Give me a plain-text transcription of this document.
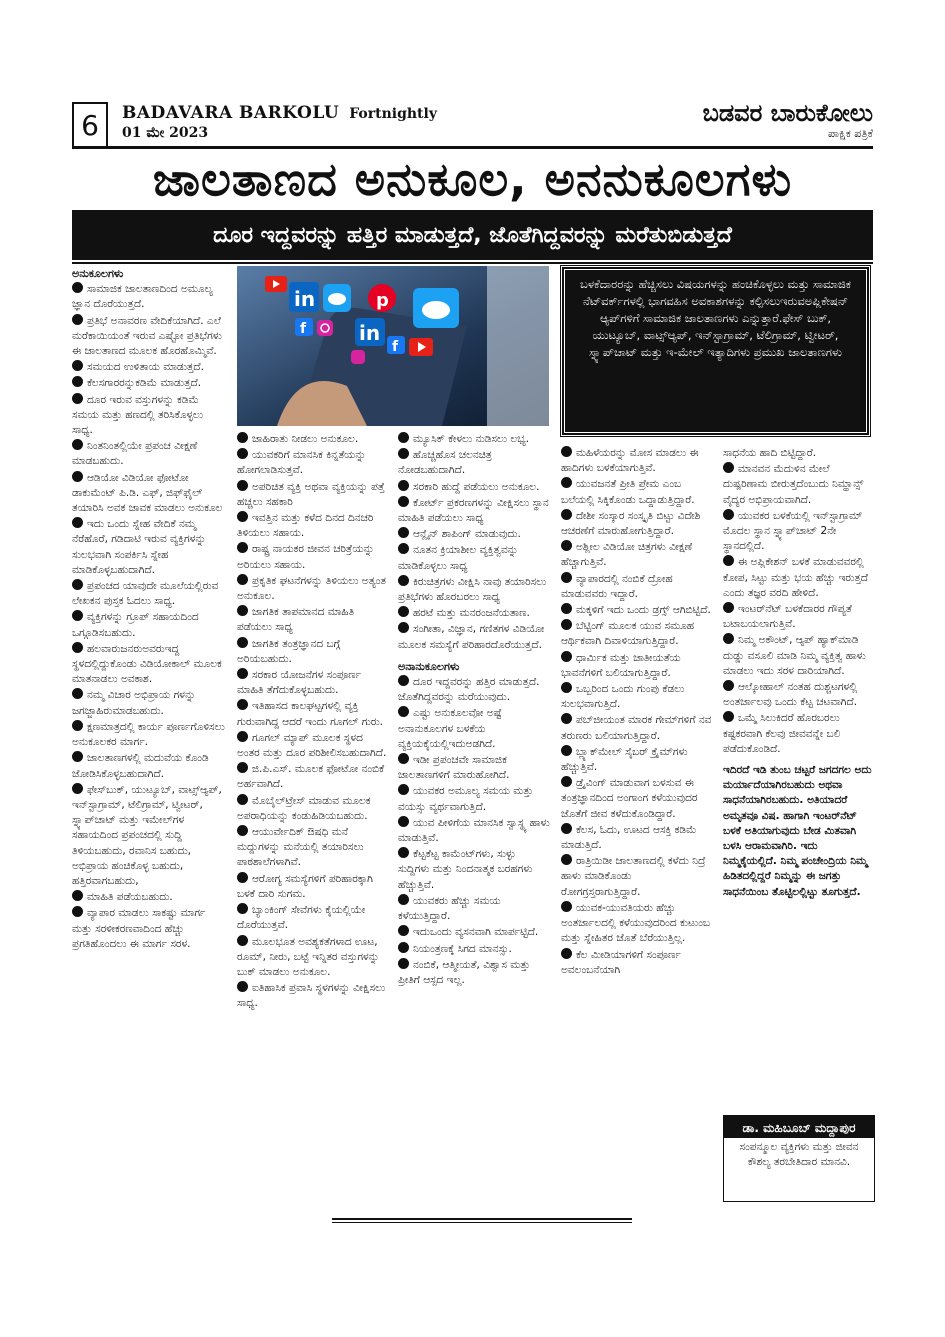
6	BADAVARA BARKOLU Fortnightly
01 ಮೇ 2023
ಬಡವರ ಬಾರುಕೋಲು
ಪಾಕ್ಷಿಕ ಪತ್ರಿಕೆ
ಜಾಲತಾಣದ ಅನುಕೂಲ, ಅನನುಕೂಲಗಳು
ದೂರ ಇದ್ದವರನ್ನು ಹತ್ತಿರ ಮಾಡುತ್ತದೆ, ಜೊತೆಗಿದ್ದವರನ್ನು ಮರೆತುಬಿಡುತ್ತದೆ
in	p
f	in
f
ಬಳಕೆದಾರರನ್ನು ಹೆಚ್ಚಿಸಲು ವಿಷಯಗಳನ್ನು ಹಂಚಿಕೊಳ್ಳಲು ಮತ್ತು ಸಾಮಾಜಿಕ ನೆಟ್‌ವರ್ಕ್‌ಗಳಲ್ಲಿ ಭಾಗವಹಿಸ ಅವಕಾಶಗಳನ್ನು ಕಲ್ಪಿಸಲುಇರುವಅಪ್ಲಿಕೇಷನ್ ಆ್ಯಪ್‌ಗಳಿಗೆ ಸಾಮಾಜಿಕ ಜಾಲತಾಣಗಳು ಎನ್ನುತ್ತಾರೆ.ಫೇಸ್ ಬುಕ್, ಯುಟ್ಯೂಬ್, ವಾಟ್ಸ್‌ಆ್ಯಪ್, ಇನ್‌ಸ್ಟಾಗ್ರಾಮ್, ಟೆಲಿಗ್ರಾಮ್, ಟ್ವೀಟರ್, ಸ್ನ್ಯಾಪ್‌ಚಾಟ್ ಮತ್ತು ಇ-ಮೇಲ್ ಇತ್ಯಾದಿಗಳು ಪ್ರಮುಖ ಜಾಲತಾಣಗಳು

ಅನುಕೂಲಗಳು

ಸಾಮಾಜಿಕ ಜಾಲತಾಣದಿಂದ ಅಮೂಲ್ಯ ಜ್ಞಾನ ದೊರೆಯುತ್ತದೆ.

ಪ್ರತಿಭೆ ಅನಾವರಣ ವೇದಿಕೆಯಾಗಿದೆ. ಎಲೆ ಮರೆಕಾಯಿಯಂತೆ ಇರುವ ಎಷ್ಟೋ ಪ್ರತಿಭೆಗಳು ಈ ಜಾಲತಾಣದ ಮೂಲಕ ಹೊರಹೊಮ್ಮಿವೆ.

ಸಮಯದ ಉಳಿತಾಯ ಮಾಡುತ್ತದೆ.

ಕೆಲಸಗಾರರನ್ನುಕಡಿಮೆ ಮಾಡುತ್ತದೆ.

ದೂರ ಇರುವ ವಸ್ತುಗಳನ್ನು ಕಡಿಮೆ ಸಮಯ ಮತ್ತು ಹಣದಲ್ಲಿ ತರಿಸಿಕೊಳ್ಳಲು ಸಾಧ್ಯ.

ನಿಂತನಿಂತಲ್ಲಿಯೇ ಪ್ರಪಂಚ ವೀಕ್ಷಣೆ ಮಾಡಬಹುದು.

ಆಡಿಯೋ ವಿಡಿಯೋ ಫೋಟೋ ಡಾಕುಮೆಂಟ್ ಪಿ.ಡಿ. ಎಫ್, ಜಿಫ್‌ಫೈಲ್ ತಯಾರಿಸಿ ಅವಕ ಜಾವಕ ಮಾಡಲು ಅನುಕೂಲ

ಇದು ಒಂದು ಸ್ನೇಹ ವೇದಿಕೆ ನಮ್ಮ ನೆರೆಹೊರೆ, ಗಡಿದಾಟಿ ಇರುವ ವ್ಯಕ್ತಿಗಳನ್ನು ಸುಲಭವಾಗಿ ಸಂಪರ್ಕಿಸಿ ಸ್ನೇಹ ಮಾಡಿಕೊಳ್ಳಬಹುದಾಗಿದೆ.

ಪ್ರಪಂಚದ ಯಾವುದೇ ಮೂಲೆಯಲ್ಲಿರುವ ಲೇಖಕನ ಪುಸ್ತಕ ಓದಲು ಸಾಧ್ಯ.

ವ್ಯಕ್ತಿಗಳನ್ನು ಗ್ರೂಪ್ ಸಹಾಯದಿಂದ ಒಗ್ಗೂಡಿಸಬಹುದು.

ಹಲವಾರುಜನರುಅವರುಇದ್ದ ಸ್ಥಳದಲ್ಲಿದ್ದುಕೊಂಡು ವಿಡಿಯೋಕಾಲ್ ಮೂಲಕ ಮಾತನಾಡಲು ಅವಕಾಶ.

ನಮ್ಮ ವಿಚಾರ ಅಭಿಪ್ರಾಯ ಗಳನ್ನು ಜಗಜ್ಜಾಹಿರುಮಾಡಬಹುದು.

ಕ್ಷಣಮಾತ್ರದಲ್ಲಿ ಕಾರ್ಯ ಪೂರ್ಣಗೊಳಿಸಲು ಅನುಕೂಲಕರ ಮಾರ್ಗ.

ಜಾಲತಾಣಗಳಲ್ಲಿ ಮದುವೆಯ ಕೊಂಡಿ ಜೋಡಿಸಿಕೊಳ್ಳಬಹುದಾಗಿದೆ.

ಫೇಸ್‌ಬುಕ್, ಯುಟ್ಯೂಬ್, ವಾಟ್ಸ್‌ಆ್ಯಪ್, ಇನ್‌ಸ್ಟಾಗ್ರಾಮ್, ಟೆಲಿಗ್ರಾಮ್, ಟ್ವೀಟರ್, ಸ್ನ್ಯಾಪ್‌ಚಾಟ್ ಮತ್ತು ಇಮೇಲ್‌ಗಳ ಸಹಾಯದಿಂದ ಪ್ರಪಂಚದಲ್ಲಿ ಸುದ್ದಿ ತಿಳಿಯಬಹುದು, ರವಾನಿಸ ಬಹುದು, ಅಭಿಪ್ರಾಯ ಹಂಚಿಕೊಳ್ಳ ಬಹುದು, ಹತ್ತಿರವಾಗಬಹುದು,

ಮಾಹಿತಿ ಪಡೆಯಬಹುದು.

ವ್ಯಾಪಾರ ಮಾಡಲು ಸಾಕಷ್ಟು ಮಾರ್ಗ ಮತ್ತು ಸರಳೀಕರಣವಾದಿಂದ ಹೆಚ್ಚು ಪ್ರಗತಿಹೊಂದಲು ಈ ಮಾರ್ಗ ಸರಳ.

ಜಾಹಿರಾತು ನೀಡಲು ಅನುಕೂಲ.

ಯುವಕರಿಗೆ ಮಾನಸಿಕ ಕಿನ್ನತೆಯನ್ನು ಹೋಗಲಾಡಿಸುತ್ತವೆ.

ಅಪರಿಚಿತ ವ್ಯಕ್ತಿ ಅಥವಾ ವ್ಯಕ್ತಿಯನ್ನು ಪತ್ತೆ ಹಚ್ಚಲು ಸಹಕಾರಿ

ಇವತ್ತಿನ ಮತ್ತು ಕಳೆದ ದಿನದ ದಿನಚರಿ ತಿಳಿಯಲು ಸಹಾಯ.

ರಾಷ್ಟ್ರ ನಾಯಕರ ಜೀವನ ಚರಿತ್ರೆಯನ್ನು ಅರಿಯಲು ಸಹಾಯ.

ಪ್ರಕೃತಿಕ ಘಟನೆಗಳನ್ನು ತಿಳಿಯಲು ಅತ್ಯಂತ ಅನುಕೂಲ.

ಜಾಗತಿಕ ತಾಪಮಾನದ ಮಾಹಿತಿ ಪಡೆಯಲು ಸಾಧ್ಯ

ಜಾಗತಿಕ ತಂತ್ರಜ್ಞಾನದ ಬಗ್ಗೆ ಅರಿಯಬಹುದು.

ಸರಕಾರ ಯೋಜನೆಗಳ ಸಂಪೂರ್ಣ ಮಾಹಿತಿ ತೆಗೆದುಕೊಳ್ಳಬಹುದು.

ಇತಿಹಾಸದ ಕಾಲಘಟ್ಟಗಳಲ್ಲಿ ವ್ಯಕ್ತಿ ಗುರುವಾಗಿದ್ದ ಆದರೆ ಇಂದು ಗೂಗಲ್ ಗುರು.

ಗೂಗಲ್ ಮ್ಯಾಪ್ ಮೂಲಕ ಸ್ಥಳದ ಅಂತರ ಮತ್ತು ದೂರ ಪರಿಶೀಲಿಸಬಹುದಾಗಿದೆ.

ಜಿ.ಪಿ.ಎಸ್. ಮೂಲಕ ಫೋಟೋ ನಂಬಿಕೆ ಅರ್ಹವಾಗಿದೆ.

ಮೊಬೈಲ್‌ಟ್ರೇಸ್ ಮಾಡುವ ಮೂಲಕ ಅಪರಾಧಿಯನ್ನು ಕಂಡುಹಿಡಿಯಬಹುದು.

ಆಯುರ್ವೇದಿಕ್ ಔಷಧಿ ಮನೆ ಮದ್ದುಗಳನ್ನು ಮನೆಯಲ್ಲಿ ತಯಾರಿಸಲು ಪಾಠಶಾಲೆಗಳಾಗಿವೆ.

ಆರೋಗ್ಯ ಸಮಸ್ಯೆಗಳಿಗೆ ಪರಿಹಾರಕ್ಕಾಗಿ ಬಳಕೆ ದಾರಿ ಸುಗಮ.

ಬ್ಯಾಂಕಿಂಗ್ ಸೇವೆಗಳು ಕೈಯಲ್ಲಿಯೇ ದೊರೆಯುತ್ತವೆ.

ಮೂಲಭೂತ ಅವಶ್ಯಕತೆಗಳಾದ ಊಟ, ರೂಮ್, ನೀರು, ಬಟ್ಟೆ ಇನ್ನಿತರ ವಸ್ತುಗಳನ್ನು ಬುಕ್ ಮಾಡಲು ಅನುಕೂಲ.

ಐತಿಹಾಸಿಕ ಪ್ರವಾಸಿ ಸ್ಥಳಗಳನ್ನು ವೀಕ್ಷಿಸಲು ಸಾಧ್ಯ.

ಮ್ಯೂಸಿಕ್ ಕೇಳಲು ನುಡಿಸಲು ಲಭ್ಯ.

ಹೊಚ್ಚಹೊಸ ಚಲನಚಿತ್ರ ನೋಡಬಹುದಾಗಿದೆ.

ಸರಕಾರಿ ಹುದ್ದೆ ಪಡೆಯಲು ಅನುಕೂಲ.

ಕೋರ್ಟ್ ಪ್ರಕರಣಗಳನ್ನು ವೀಕ್ಷಿಸಲು ಸ್ಥಾನ ಮಾಹಿತಿ ಪಡೆಯಲು ಸಾಧ್ಯ

ಆನ್ಲೈನ್ ಶಾಪಿಂಗ್ ಮಾಡುವುದು.

ನೂತನ ಕ್ರಿಯಾಶೀಲ ವ್ಯಕ್ತಿತ್ವವನ್ನು ಮಾಡಿಕೊಳ್ಳಲು ಸಾಧ್ಯ

ಕಿರುಚಿತ್ರಗಳು ವೀಕ್ಷಿಸಿ ನಾವು ತಯಾರಿಸಲು ಪ್ರತಿಭೆಗಳು ಹೊರಬರಲು ಸಾಧ್ಯ

ಹರಟೆ ಮತ್ತು ಮನರಂಜನೆಯತಾಣ.

ಸಂಗೀತಾ, ವಿಜ್ಞಾನ, ಗಣಿತಗಳ ವಿಡಿಯೋ ಮೂಲಕ ಸಮಸ್ಯೆಗೆ ಪರಿಹಾರದೊರೆಯುತ್ತದೆ.

ಅನಾನುಕೂಲಗಳು

ದೂರ ಇದ್ದವರನ್ನು ಹತ್ತಿರ ಮಾಡುತ್ತದೆ. ಜೊತೆಗಿದ್ದವರನ್ನು ಮರೆಯುವುದು.

ಎಷ್ಟು ಅನುಕೂಲವೋ ಅಷ್ಟೆ ಅನಾನುಕೂಲಗಳ ಬಳಕೆಯ ವ್ಯಕ್ತಿಯಕೈಯಲ್ಲಿಇದುಅಡಗಿದೆ.

ಇಡೀ ಪ್ರಪಂಚವೇ ಸಾಮಾಜಿಕ ಜಾಲತಾಣಗಳಿಗೆ ಮಾರುಹೋಗಿದೆ.

ಯುವಕರ ಅಮೂಲ್ಯ ಸಮಯ ಮತ್ತು ವಯಸ್ಸು ವ್ಯರ್ಥವಾಗುತ್ತಿದೆ.

ಯುವ ಪೀಳಿಗೆಯ ಮಾನಸಿಕ ಸ್ವಾಸ್ಥ್ಯ ಹಾಳು ಮಾಡುತ್ತಿವೆ.

ಕೆಟ್ಟಕೆಟ್ಟ ಕಾಮೆಂಟ್‌ಗಳು, ಸುಳ್ಳು ಸುದ್ದಿಗಳು ಮತ್ತು ನಿಂದನಾತ್ಮಕ ಬರಹಗಳು ಹೆಚ್ಚುತ್ತಿವೆ.

ಯುವಕರು ಹೆಚ್ಚು ಸಮಯ ಕಳೆಯುತ್ತಿದ್ದಾರೆ.

ಇದುಒಂದು ವ್ಯಸನವಾಗಿ ಮಾರ್ಪಟ್ಟಿದೆ.

ನಿಯಂತ್ರಣಕ್ಕೆ ಸಿಗದ ಮಾನಸ್ಸು.

ನಂಬಿಕೆ, ಆತ್ಮೀಯತೆ, ವಿಶ್ವಾಸ ಮತ್ತು ಪ್ರೀತಿಗೆ ಆಸ್ಪದ ಇಲ್ಲ.

ಮಹಿಳೆಯರನ್ನು ಮೋಸ ಮಾಡಲು ಈ ಹಾದಿಗಳು ಬಳಕೆಯಾಗುತ್ತಿವೆ.

ಯುವಜನತೆ ಪ್ರೀತಿ ಪ್ರೇಮ ಎಂಬ ಬಲೆಯಲ್ಲಿ ಸಿಕ್ಕಿಕೊಂಡು ಒದ್ದಾಡುತ್ತಿದ್ದಾರೆ.

ದೇಶೀ ಸಂಸ್ಕಾರ ಸಂಸ್ಕೃತಿ ಬಿಟ್ಟು ವಿದೇಶಿ ಆಚರಣೆಗೆ ಮಾರುಹೋಗುತ್ತಿದ್ದಾರೆ.

ಅಶ್ಲೀಲ ವಿಡಿಯೋ ಚಿತ್ರಗಳು ವೀಕ್ಷಣೆ ಹೆಚ್ಚಾಗುತ್ತಿವೆ.

ವ್ಯಾಪಾರದಲ್ಲಿ ನಂಬಿಕೆ ದ್ರೋಹ ಮಾಡುವವರು ಇದ್ದಾರೆ.

ಮಕ್ಕಳಿಗೆ ಇದು ಒಂದು ಡ್ರಗ್ಸ್ ಆಗಿಬಿಟ್ಟಿದೆ.

ಬೆಟ್ಟಿಂಗ್ ಮೂಲಕ ಯುವ ಸಮೂಹ ಆರ್ಥಿಕವಾಗಿ ದಿವಾಳಿಯಾಗುತ್ತಿದ್ದಾರೆ.

ಧಾರ್ಮಿಕ ಮತ್ತು ಜಾತೀಯತೆಯ ಭಾವನೆಗಳಿಗೆ ಬಲಿಯಾಗುತ್ತಿದ್ದಾರೆ.

ಒಬ್ಬರಿಂದ ಒಂದು ಗುಂಪು ಕೆಡಲು ಸುಲಭವಾಗುತ್ತಿದೆ.

ಪಬ್‌ಜೀಯಂತ ಮಾರಕ ಗೇಮ್‌ಗಳಿಗೆ ನವ ತರುಣರು ಬಲಿಯಾಗುತ್ತಿದ್ದಾರೆ.

ಬ್ಲ್ಯಾಕ್‌ಮೇಲ್ ಸೈಬರ್ ಕ್ರೈಮ್‌ಗಳು ಹೆಚ್ಚುತ್ತಿವೆ.

ಡ್ರೈವಿಂಗ್ ಮಾಡುವಾಗ ಬಳಸುವ ಈ ತಂತ್ರಜ್ಞಾನದಿಂದ ಅಂಗಾಂಗ ಕಳೆಯುವುದರ ಜೊತೆಗೆ ಜೀವ ಕಳೆದುಕೊಂಡಿದ್ದಾರೆ.

ಕೆಲಸ, ಓದು, ಊಟದ ಆಸಕ್ತಿ ಕಡಿಮೆ ಮಾಡುತ್ತಿದೆ.

ರಾತ್ರಿಯಿಡೀ ಜಾಲತಾಣದಲ್ಲಿ ಕಳೆದು ನಿದ್ರೆ ಹಾಳು ಮಾಡಿಕೊಂಡು ರೋಗಗ್ರಸ್ತರಾಗುತ್ತಿದ್ದಾರೆ.

ಯುವಕ-ಯುವತಿಯರು ಹೆಚ್ಚು ಅಂತರ್ಜಾಲದಲ್ಲಿ ಕಳೆಯುವುದರಿಂದ ಕುಟುಂಬ ಮತ್ತು ಸ್ನೇಹಿತರ ಜೊತೆ ಬೆರೆಯುತ್ತಿಲ್ಲ.

ಕೆಲ ಮೀಡಿಯಾಗಳಿಗೆ ಸಂಪೂರ್ಣ ಅವಲಂಬನೆಯಾಗಿ

ಸಾಧನೆಯ ಹಾದಿ ಬಿಟ್ಟಿದ್ದಾರೆ.

ಮಾನವನ ಮೆದುಳಿನ ಮೇಲೆ ದುಷ್ಪರಿಣಾಮ ಬೀರುತ್ತದೆಂಬುದು ನಿಮ್ಹಾನ್ಸ್ ವೈದ್ಯರ ಅಭಿಪ್ರಾಯವಾಗಿದೆ.

ಯುವಕರ ಬಳಕೆಯಲ್ಲಿ ಇನ್‌ಸ್ಟಾಗ್ರಾಮ್ ಮೊದಲ ಸ್ಥಾನ ಸ್ನ್ಯಾಪ್‌ಚಾಟ್ 2ನೇ ಸ್ಥಾನದಲ್ಲಿದೆ.

ಈ ಅಪ್ಲಿಕೇಶನ್ ಬಳಕೆ ಮಾಡುವವರಲ್ಲಿ ಕೋಪ, ಸಿಟ್ಟು ಮತ್ತು ಭಯ ಹೆಚ್ಚು ಇರುತ್ತದೆ ಎಂದು ತಜ್ಞರ ವರದಿ ಹೇಳಿದೆ.

ಇಂಟರ್‌ನೆಟ್ ಬಳಕೆದಾರರ ಗೌಪ್ಯತೆ ಬಟಾಬಯಲಾಗುತ್ತಿವೆ.

ನಿಮ್ಮ ಅಕೌಂಟ್, ಆ್ಯಪ್ ಹ್ಯಾಕ್‌ಮಾಡಿ ದುಡ್ಡು ವಸೂಲಿ ಮಾಡಿ ನಿಮ್ಮ ವ್ಯಕ್ತಿತ್ವ ಹಾಳು ಮಾಡಲು ಇದು ಸರಳ ದಾರಿಯಾಗಿದೆ.

ಆಲ್ಕೋಹಾಲ್ ನಂತಹ ದುಶ್ಚಟಗಳಲ್ಲಿ ಅಂತರ್ಜಾಲವು ಒಂದು ಕೆಟ್ಟ ಚಟವಾಗಿದೆ.

ಒಮ್ಮೆ ಸಿಲುಕಿದರೆ ಹೊರಬರಲು ಕಷ್ಟಕರವಾಗಿ ಕೆಲವು ಜೀವವನ್ನೇ ಬಲಿ ಪಡೆದುಕೊಂಡಿದೆ.

ಇದಿರದೆ ಇಡಿ ತುಂಬ ಚಟ್ಟರೆ ಜಗದಗಲ ಅದು ಮರ್ಯಾದೆಯಾಗಿರಬಹುದು ಅಥವಾ ಸಾಧನೆಯಾಗಿರಬಹುದು. ಅತಿಯಾದರೆ ಅಮೃತವೂ ವಿಷ. ಹಾಗಾಗಿ ಇಂಟರ್‌ನೆಟ್ ಬಳಕೆ ಅತಿಯಾಗುವುದು ಬೇಡ ಮಿತವಾಗಿ ಬಳಸಿ ಆರಾಮವಾಗಿರಿ. ಇದು ನಿಮ್ಮಕೈಯಲ್ಲಿದೆ. ನಿಮ್ಮ ಪಂಚೇಂದ್ರಿಯ ನಿಮ್ಮ ಹಿಡಿತದಲ್ಲಿದ್ದರೆ ನಿಮ್ಮನ್ನು ಈ ಜಗತ್ತು ಸಾಧನೆಯಿಂಬ ತೊಟ್ಟಿಲಲ್ಲಿಟ್ಟು ತೂಗುತ್ತದೆ.

ಡಾ. ಮಹಿಬೂಬ್ ಮದ್ದಾಪುರ
ಸಂಪನ್ಮೂಲ ವ್ಯಕ್ತಿಗಳು ಮತ್ತು ಜೀವನ ಕೌಶಲ್ಯ ತರಬೇತಿದಾರ ಮಾನವಿ.
